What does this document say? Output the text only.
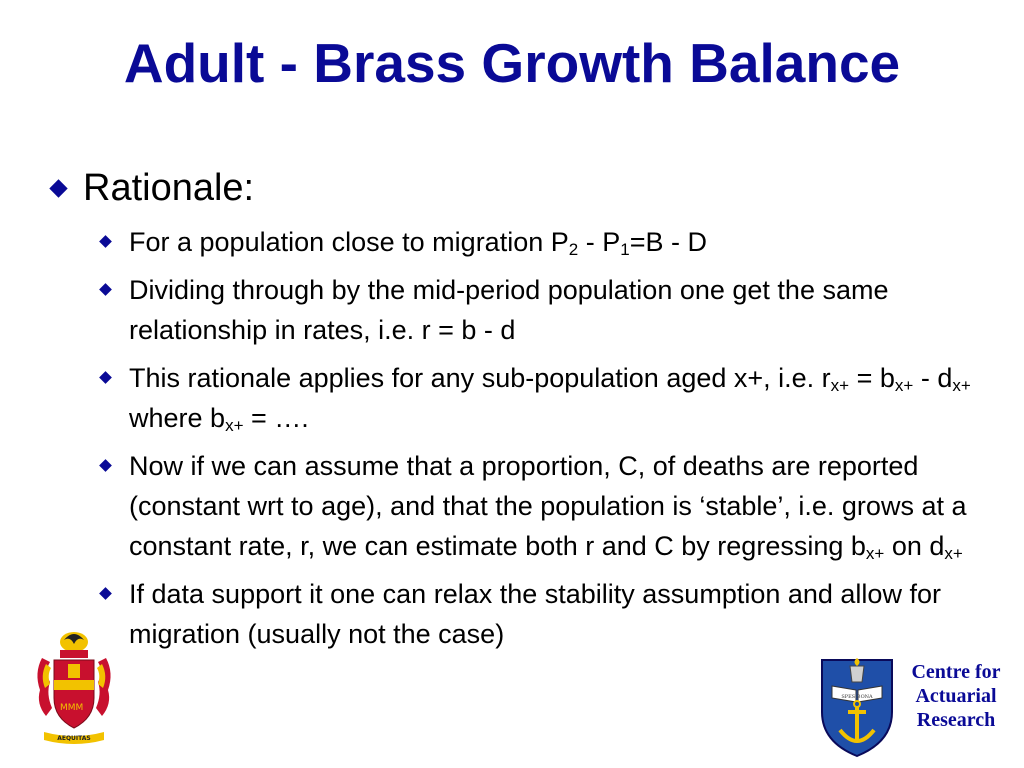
Adult - Brass Growth Balance
Rationale:
For a population close to migration $P_2 - P_1=B - D$
Dividing through by the mid-period population one get the same relationship in rates, i.e. r = b - d
This rationale applies for any sub-population aged x+, i.e. $r_{x+} = b_{x+} - d_{x+}$ where $b_{x+}$ = ….
Now if we can assume that a proportion, C, of deaths are reported (constant wrt to age), and that the population is ‘stable’, i.e. grows at a constant rate, r, we can estimate both r and C by regressing $b_{x+}$ on $d_{x+}$
If data support it one can relax the stability assumption and allow for migration (usually not the case)
ⅯⅯⅯ
AEQUITAS
SPES BONA
Centre for
Actuarial
Research
